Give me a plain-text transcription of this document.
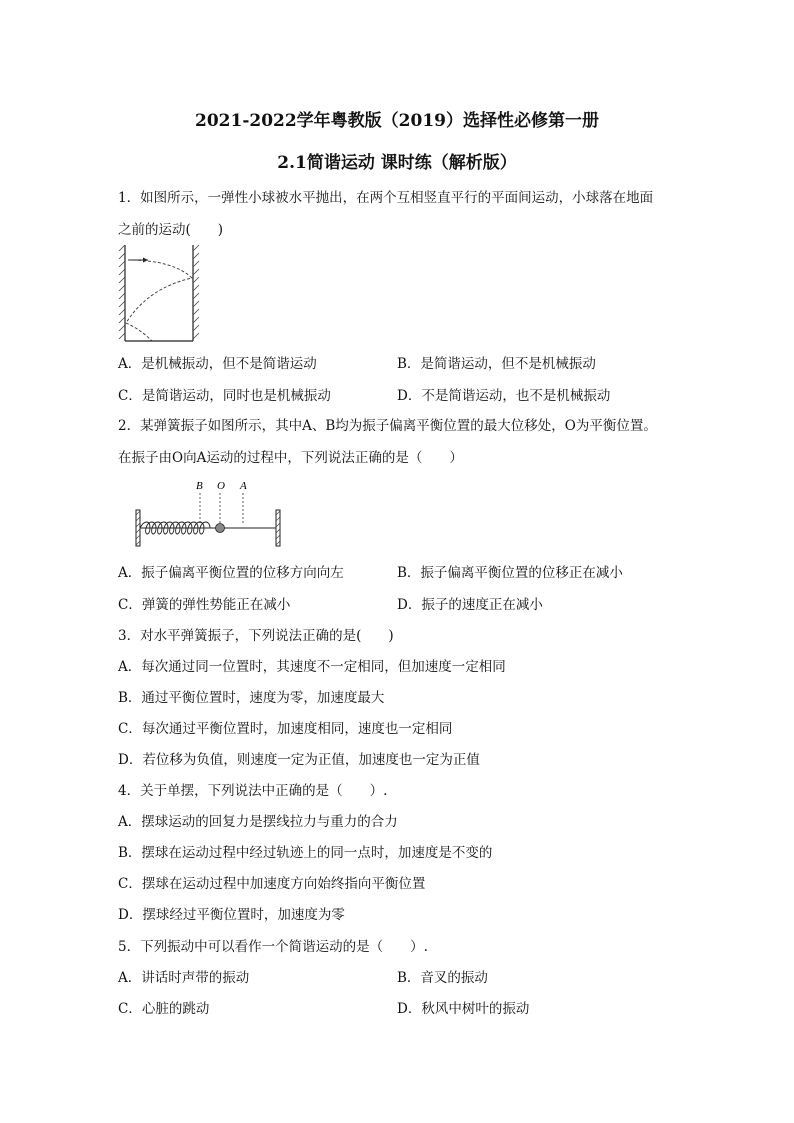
2021-2022学年粤教版（2019）选择性必修第一册
2.1简谐运动 课时练（解析版）
1．如图所示，一弹性小球被水平抛出，在两个互相竖直平行的平面间运动，小球落在地面
之前的运动(　　)
A．是机械振动，但不是简谐运动	B．是简谐运动，但不是机械振动
C．是简谐运动，同时也是机械振动	D．不是简谐运动，也不是机械振动
2．某弹簧振子如图所示，其中A、B均为振子偏离平衡位置的最大位移处，O为平衡位置。
在振子由O向A运动的过程中，下列说法正确的是（　　）
B O A
A．振子偏离平衡位置的位移方向向左	B．振子偏离平衡位置的位移正在减小
C．弹簧的弹性势能正在减小	D．振子的速度正在减小
3．对水平弹簧振子，下列说法正确的是(　　)
A．每次通过同一位置时，其速度不一定相同，但加速度一定相同
B．通过平衡位置时，速度为零，加速度最大
C．每次通过平衡位置时，加速度相同，速度也一定相同
D．若位移为负值，则速度一定为正值，加速度也一定为正值
4．关于单摆，下列说法中正确的是（　　）.
A．摆球运动的回复力是摆线拉力与重力的合力
B．摆球在运动过程中经过轨迹上的同一点时，加速度是不变的
C．摆球在运动过程中加速度方向始终指向平衡位置
D．摆球经过平衡位置时，加速度为零
5．下列振动中可以看作一个简谐运动的是（　　）.
A．讲话时声带的振动	B．音叉的振动
C．心脏的跳动	D．秋风中树叶的振动
